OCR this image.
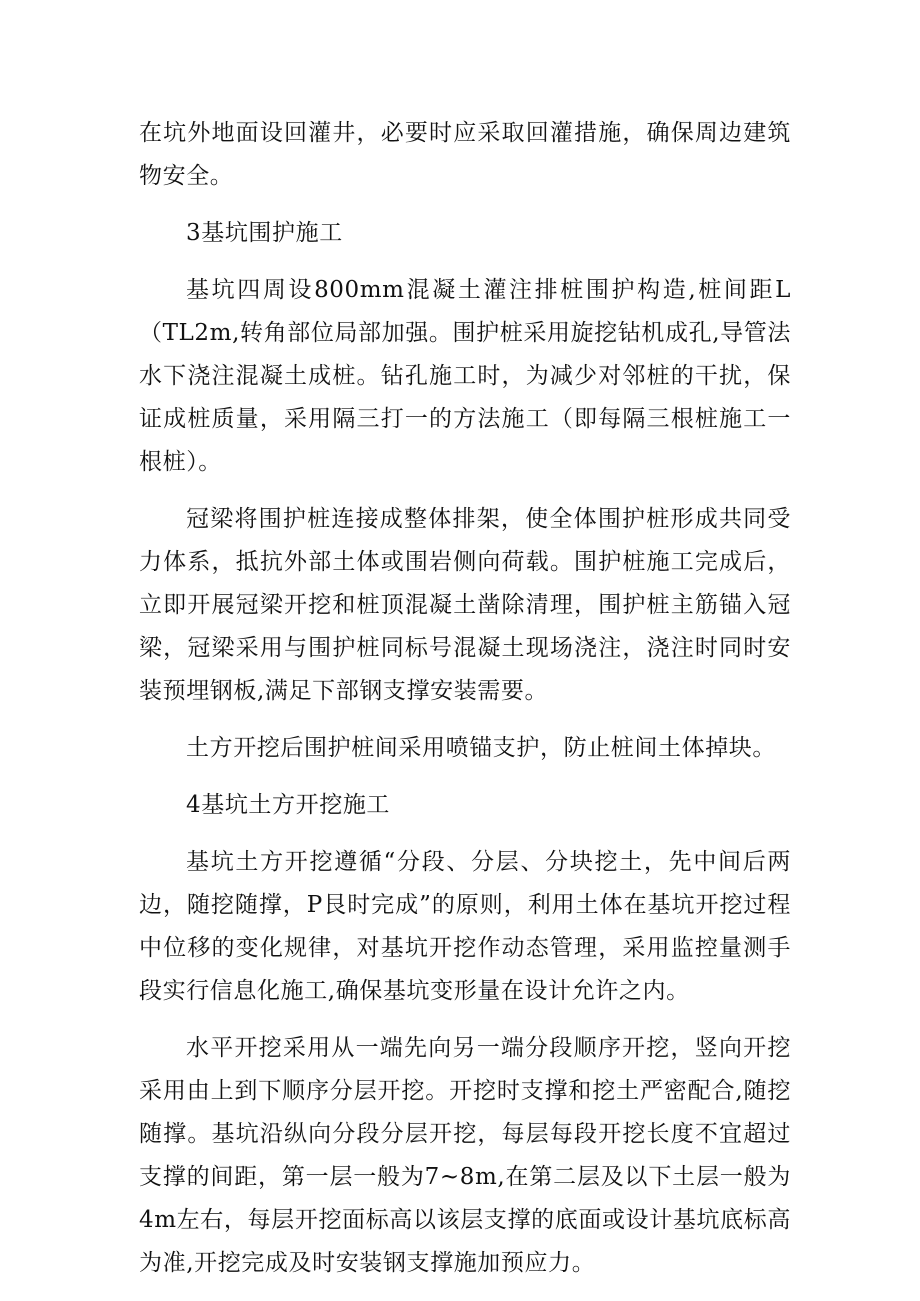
在坑外地面设回灌井，必要时应采取回灌措施，确保周边建筑物安全。

3基坑围护施工

基坑四周设800mm混凝土灌注排桩围护构造,桩间距L（TL2m,转角部位局部加强。围护桩采用旋挖钻机成孔,导管法水下浇注混凝土成桩。钻孔施工时，为减少对邻桩的干扰，保证成桩质量，采用隔三打一的方法施工（即每隔三根桩施工一根桩）。

冠梁将围护桩连接成整体排架，使全体围护桩形成共同受力体系，抵抗外部土体或围岩侧向荷载。围护桩施工完成后，立即开展冠梁开挖和桩顶混凝土凿除清理，围护桩主筋锚入冠梁，冠梁采用与围护桩同标号混凝土现场浇注，浇注时同时安装预埋钢板,满足下部钢支撑安装需要。

土方开挖后围护桩间采用喷锚支护，防止桩间土体掉块。

4基坑土方开挖施工

基坑土方开挖遵循“分段、分层、分块挖土，先中间后两边，随挖随撑，P艮时完成”的原则，利用土体在基坑开挖过程中位移的变化规律，对基坑开挖作动态管理，采用监控量测手段实行信息化施工,确保基坑变形量在设计允许之内。

水平开挖采用从一端先向另一端分段顺序开挖，竖向开挖采用由上到下顺序分层开挖。开挖时支撑和挖土严密配合,随挖随撑。基坑沿纵向分段分层开挖，每层每段开挖长度不宜超过支撑的间距，第一层一般为7~8m,在第二层及以下土层一般为4m左右，每层开挖面标高以该层支撑的底面或设计基坑底标高为准,开挖完成及时安装钢支撑施加预应力。
